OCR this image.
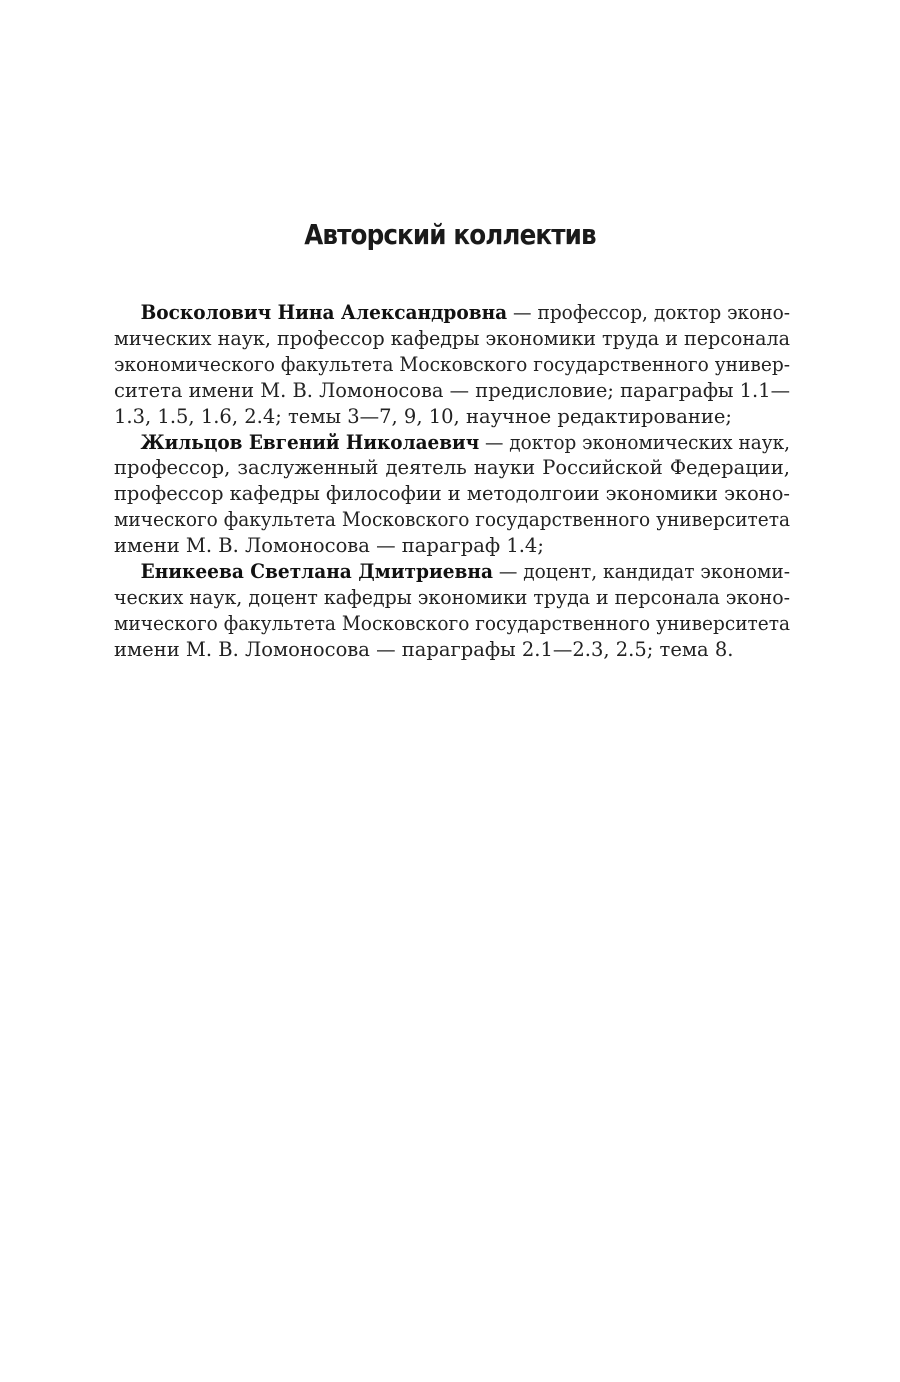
Авторский коллектив
Восколович Нина Александровна — профессор, доктор эконо-
мических наук, профессор кафедры экономики труда и персонала
экономического факультета Московского государственного универ-
ситета имени М. В. Ломоносова — предисловие; параграфы 1.1—
1.3, 1.5, 1.6, 2.4; темы 3—7, 9, 10, научное редактирование;
Жильцов Евгений Николаевич — доктор экономических наук,
профессор, заслуженный деятель науки Российской Федерации,
профессор кафедры философии и методолгоии экономики эконо-
мического факультета Московского государственного университета
имени М. В. Ломоносова — параграф 1.4;
Еникеева Светлана Дмитриевна — доцент, кандидат экономи-
ческих наук, доцент кафедры экономики труда и персонала эконо-
мического факультета Московского государственного университета
имени М. В. Ломоносова — параграфы 2.1—2.3, 2.5; тема 8.
